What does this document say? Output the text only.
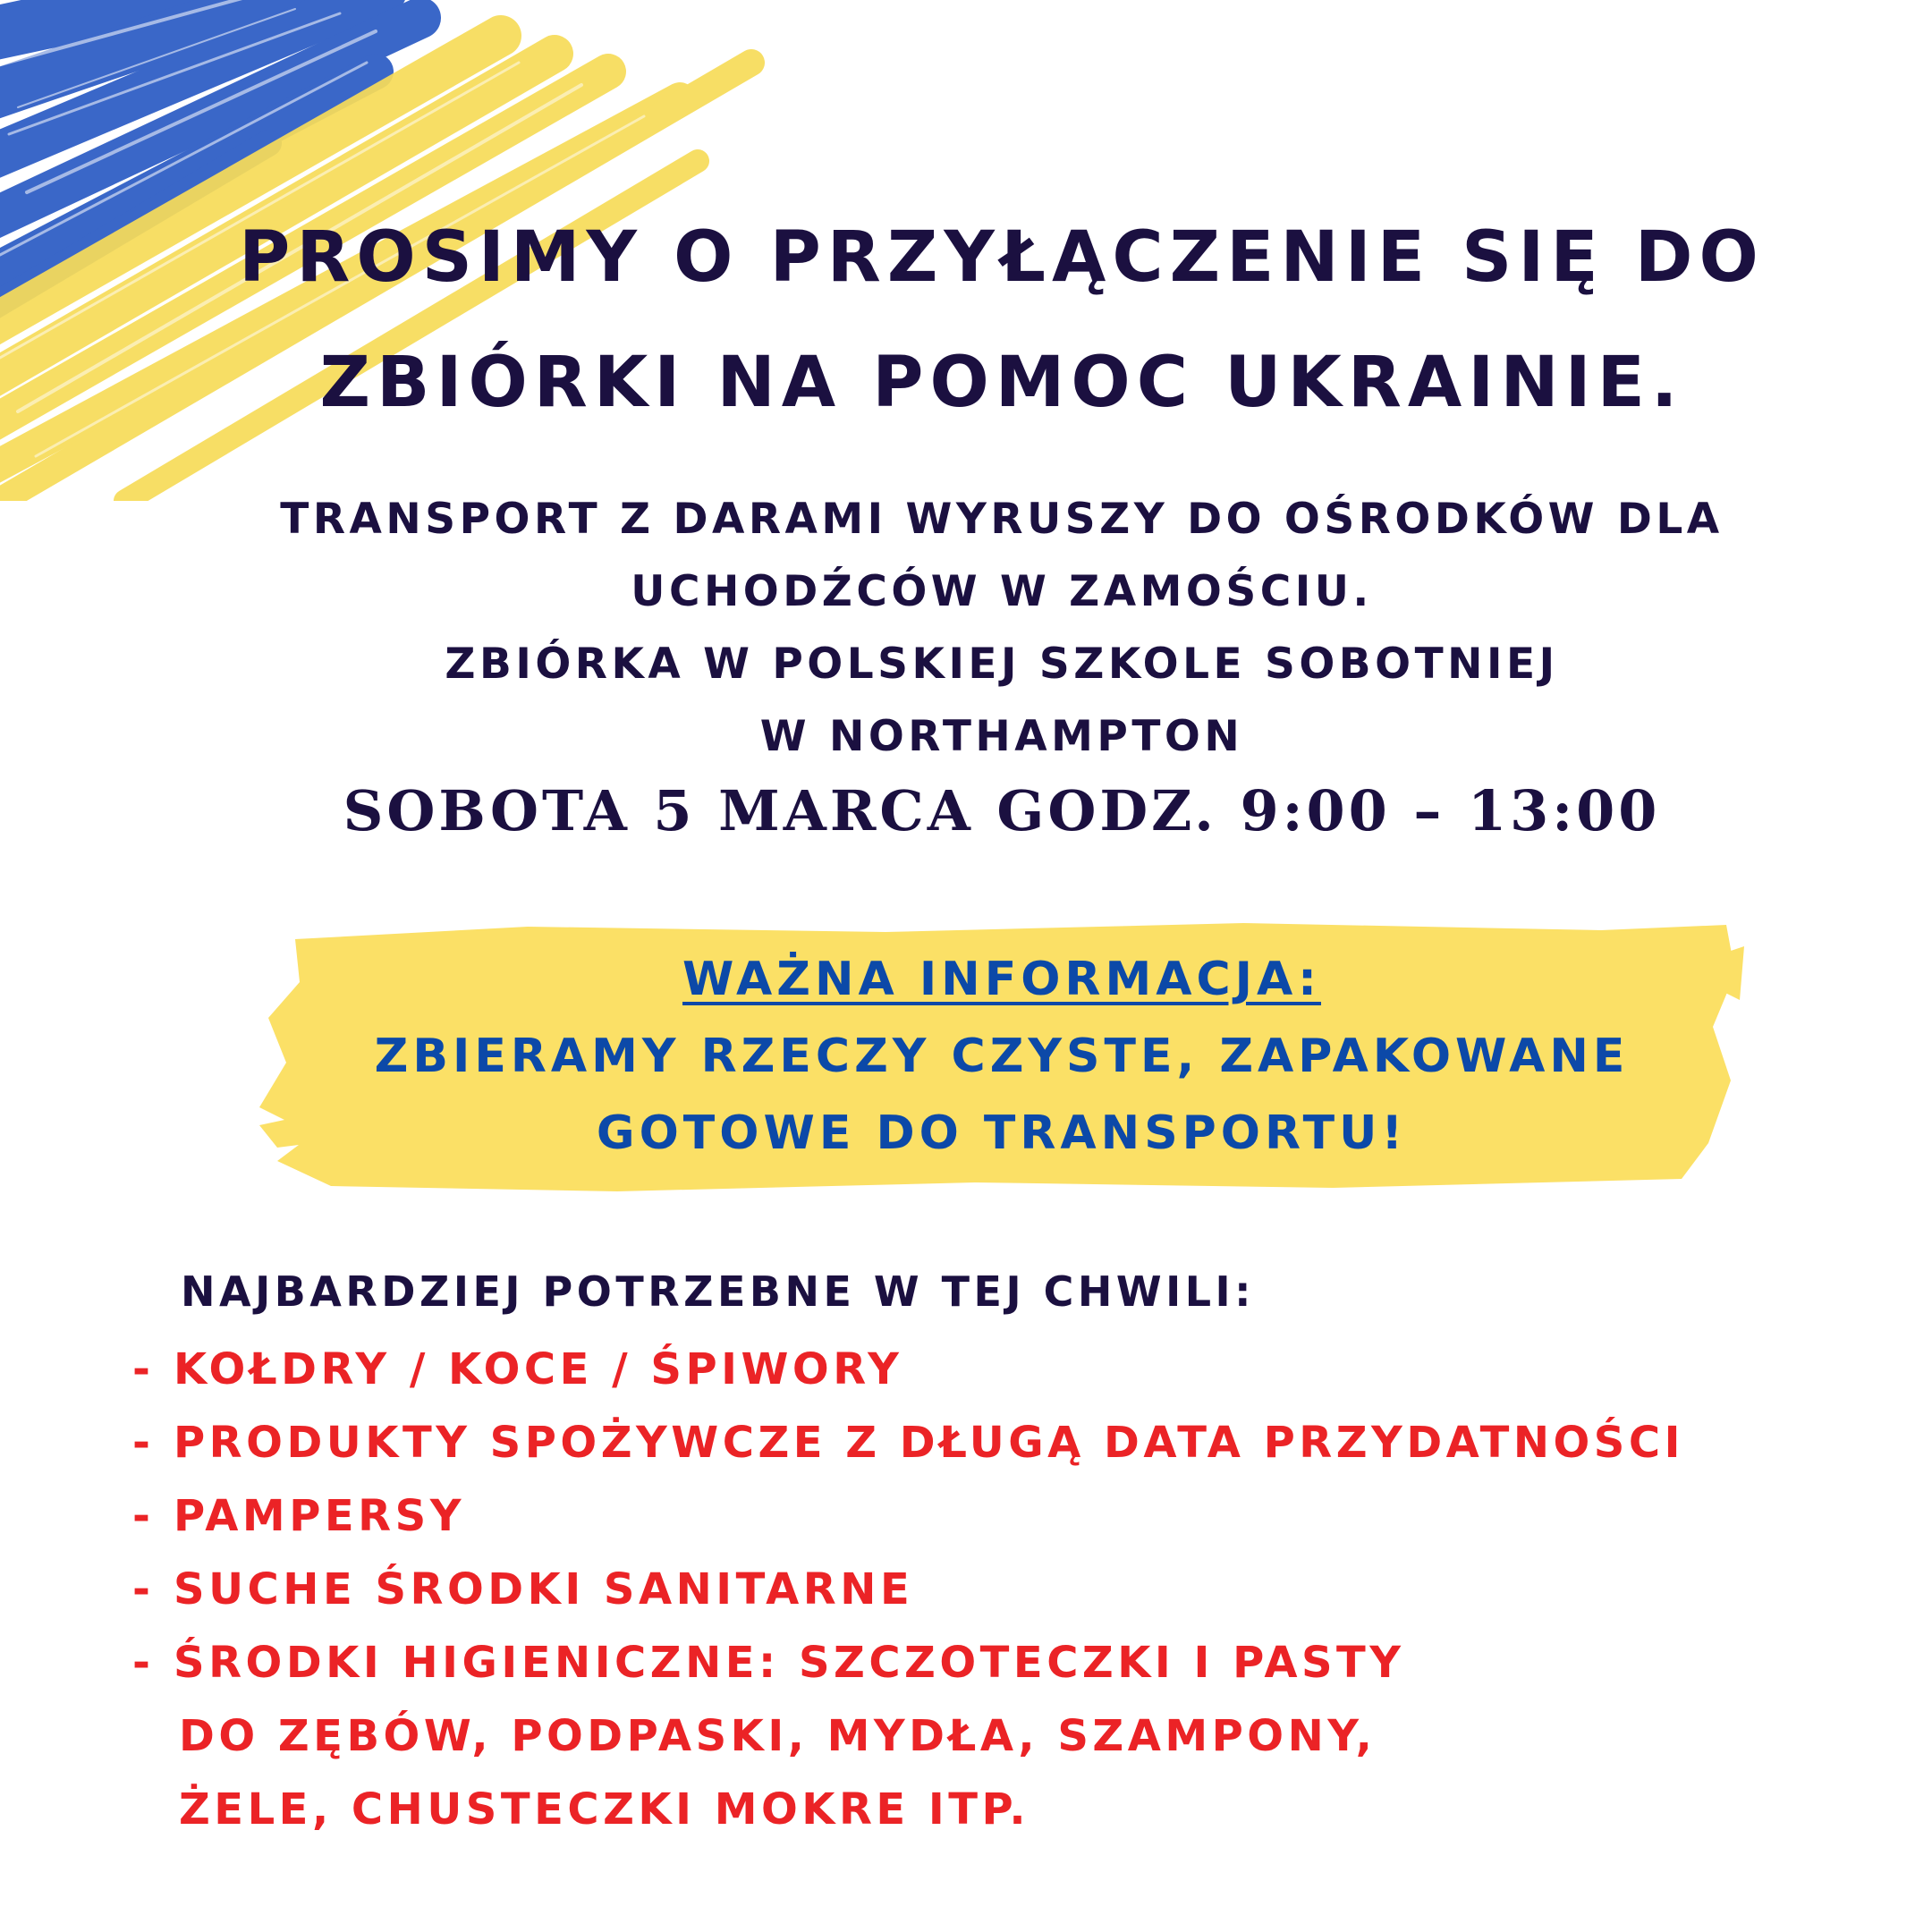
PROSIMY O PRZYŁĄCZENIE SIĘ DO
ZBIÓRKI NA POMOC UKRAINIE.
TRANSPORT Z DARAMI WYRUSZY DO OŚRODKÓW DLA
UCHODŹCÓW W ZAMOŚCIU.
ZBIÓRKA W POLSKIEJ SZKOLE SOBOTNIEJ
W NORTHAMPTON
SOBOTA 5 MARCA GODZ. 9:00 – 13:00
WAŻNA INFORMACJA:
ZBIERAMY RZECZY CZYSTE, ZAPAKOWANE
GOTOWE DO TRANSPORTU!
NAJBARDZIEJ POTRZEBNE W TEJ CHWILI:
- KOŁDRY / KOCE / ŚPIWORY
- PRODUKTY SPOŻYWCZE Z DŁUGĄ DATA PRZYDATNOŚCI
- PAMPERSY
- SUCHE ŚRODKI SANITARNE
- ŚRODKI HIGIENICZNE: SZCZOTECZKI I PASTY
DO ZĘBÓW, PODPASKI, MYDŁA, SZAMPONY,
ŻELE, CHUSTECZKI MOKRE ITP.
